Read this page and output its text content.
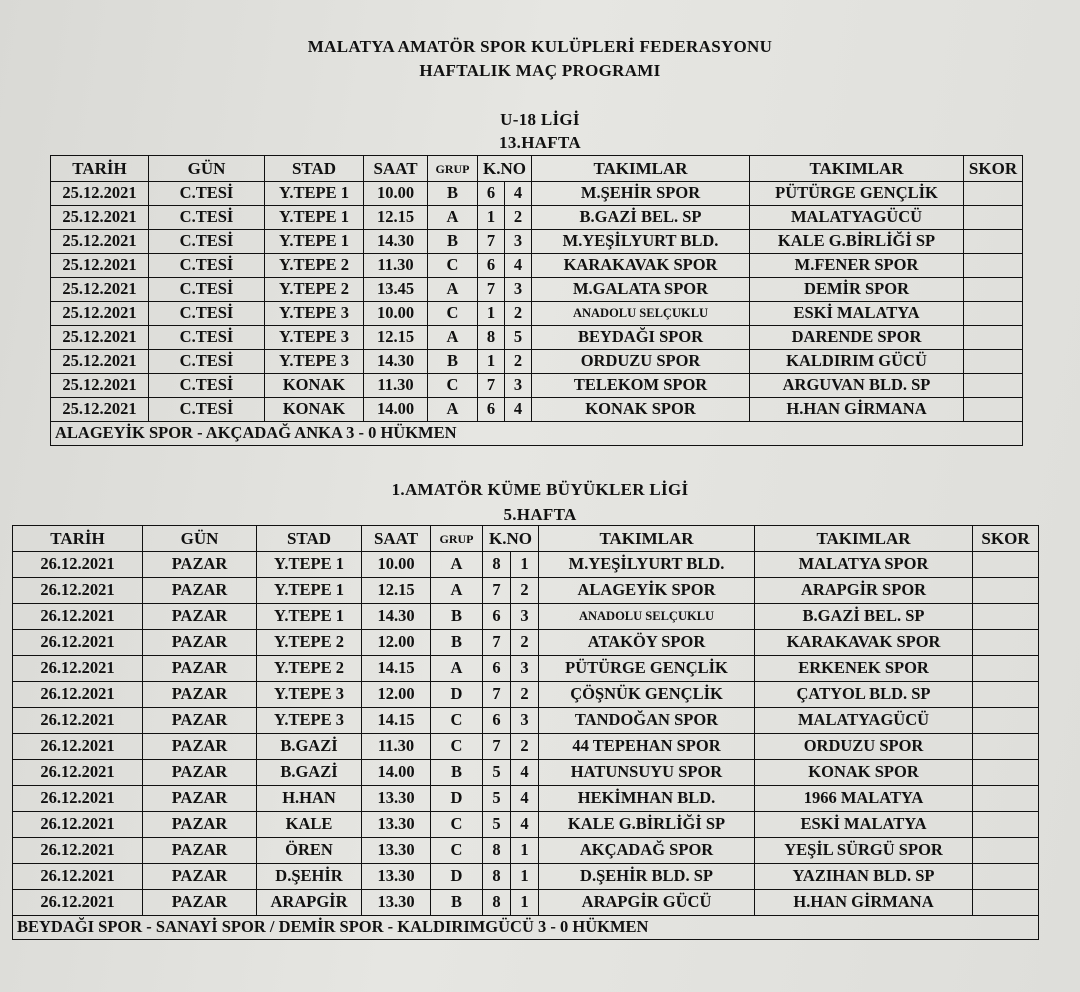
MALATYA AMATÖR SPOR KULÜPLERİ FEDERASYONU
HAFTALIK MAÇ PROGRAMI
U-18 LİGİ
13.HAFTA
TARİH	GÜN	STAD	SAAT	GRUP	K.NO		TAKIMLAR	TAKIMLAR	SKOR
25.12.2021	C.TESİ	Y.TEPE 1	10.00	B	6	4	M.ŞEHİR SPOR	PÜTÜRGE GENÇLİK	
25.12.2021	C.TESİ	Y.TEPE 1	12.15	A	1	2	B.GAZİ BEL. SP	MALATYAGÜCÜ	
25.12.2021	C.TESİ	Y.TEPE 1	14.30	B	7	3	M.YEŞİLYURT BLD.	KALE G.BİRLİĞİ SP	
25.12.2021	C.TESİ	Y.TEPE 2	11.30	C	6	4	KARAKAVAK SPOR	M.FENER SPOR	
25.12.2021	C.TESİ	Y.TEPE 2	13.45	A	7	3	M.GALATA SPOR	DEMİR SPOR	
25.12.2021	C.TESİ	Y.TEPE 3	10.00	C	1	2	ANADOLU SELÇUKLU	ESKİ MALATYA	
25.12.2021	C.TESİ	Y.TEPE 3	12.15	A	8	5	BEYDAĞI SPOR	DARENDE SPOR	
25.12.2021	C.TESİ	Y.TEPE 3	14.30	B	1	2	ORDUZU SPOR	KALDIRIM GÜCÜ	
25.12.2021	C.TESİ	KONAK	11.30	C	7	3	TELEKOM SPOR	ARGUVAN BLD. SP	
25.12.2021	C.TESİ	KONAK	14.00	A	6	4	KONAK SPOR	H.HAN GİRMANA	
ALAGEYİK SPOR - AKÇADAĞ ANKA 3 - 0 HÜKMEN									
1.AMATÖR KÜME BÜYÜKLER LİGİ
5.HAFTA
TARİH	GÜN	STAD	SAAT	GRUP	K.NO		TAKIMLAR	TAKIMLAR	SKOR
26.12.2021	PAZAR	Y.TEPE 1	10.00	A	8	1	M.YEŞİLYURT BLD.	MALATYA SPOR	
26.12.2021	PAZAR	Y.TEPE 1	12.15	A	7	2	ALAGEYİK SPOR	ARAPGİR SPOR	
26.12.2021	PAZAR	Y.TEPE 1	14.30	B	6	3	ANADOLU SELÇUKLU	B.GAZİ BEL. SP	
26.12.2021	PAZAR	Y.TEPE 2	12.00	B	7	2	ATAKÖY SPOR	KARAKAVAK SPOR	
26.12.2021	PAZAR	Y.TEPE 2	14.15	A	6	3	PÜTÜRGE GENÇLİK	ERKENEK SPOR	
26.12.2021	PAZAR	Y.TEPE 3	12.00	D	7	2	ÇÖŞNÜK GENÇLİK	ÇATYOL BLD. SP	
26.12.2021	PAZAR	Y.TEPE 3	14.15	C	6	3	TANDOĞAN SPOR	MALATYAGÜCÜ	
26.12.2021	PAZAR	B.GAZİ	11.30	C	7	2	44 TEPEHAN SPOR	ORDUZU SPOR	
26.12.2021	PAZAR	B.GAZİ	14.00	B	5	4	HATUNSUYU SPOR	KONAK SPOR	
26.12.2021	PAZAR	H.HAN	13.30	D	5	4	HEKİMHAN BLD.	1966 MALATYA	
26.12.2021	PAZAR	KALE	13.30	C	5	4	KALE G.BİRLİĞİ SP	ESKİ MALATYA	
26.12.2021	PAZAR	ÖREN	13.30	C	8	1	AKÇADAĞ SPOR	YEŞİL SÜRGÜ SPOR	
26.12.2021	PAZAR	D.ŞEHİR	13.30	D	8	1	D.ŞEHİR BLD. SP	YAZIHAN BLD. SP	
26.12.2021	PAZAR	ARAPGİR	13.30	B	8	1	ARAPGİR GÜCÜ	H.HAN GİRMANA	
BEYDAĞI SPOR - SANAYİ SPOR / DEMİR SPOR - KALDIRIMGÜCÜ 3 - 0 HÜKMEN									
